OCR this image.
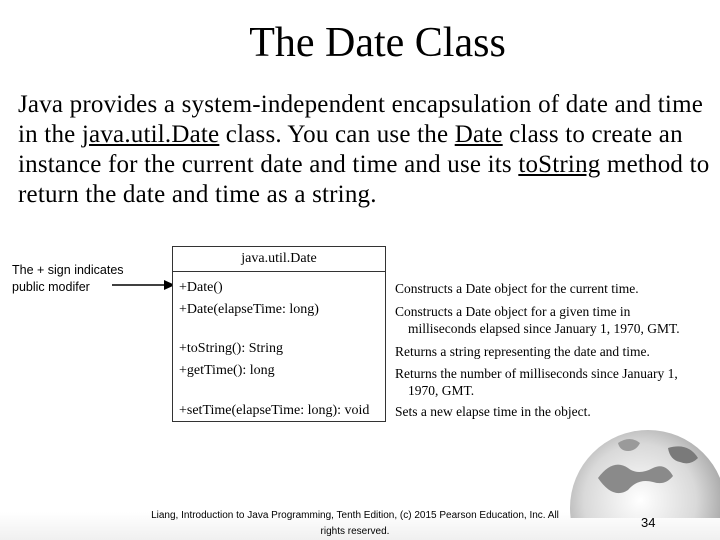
The Date Class
Java provides a system-independent encapsulation of date and time in the java.util.Date class. You can use the Date class to create an instance for the current date and time and use its toString method to return the date and time as a string.
The + sign indicates
public modifer
java.util.Date
+Date()
+Date(elapseTime: long)
+toString(): String
+getTime(): long
+setTime(elapseTime: long): void
Constructs a Date object for the current time.
Constructs a Date object for a given time in
milliseconds elapsed since January 1, 1970, GMT.
Returns a string representing the date and time.
Returns the number of milliseconds since January 1,
1970, GMT.
Sets a new elapse time in the object.
Liang, Introduction to Java Programming, Tenth Edition, (c) 2015 Pearson Education, Inc. All
rights reserved.
34
